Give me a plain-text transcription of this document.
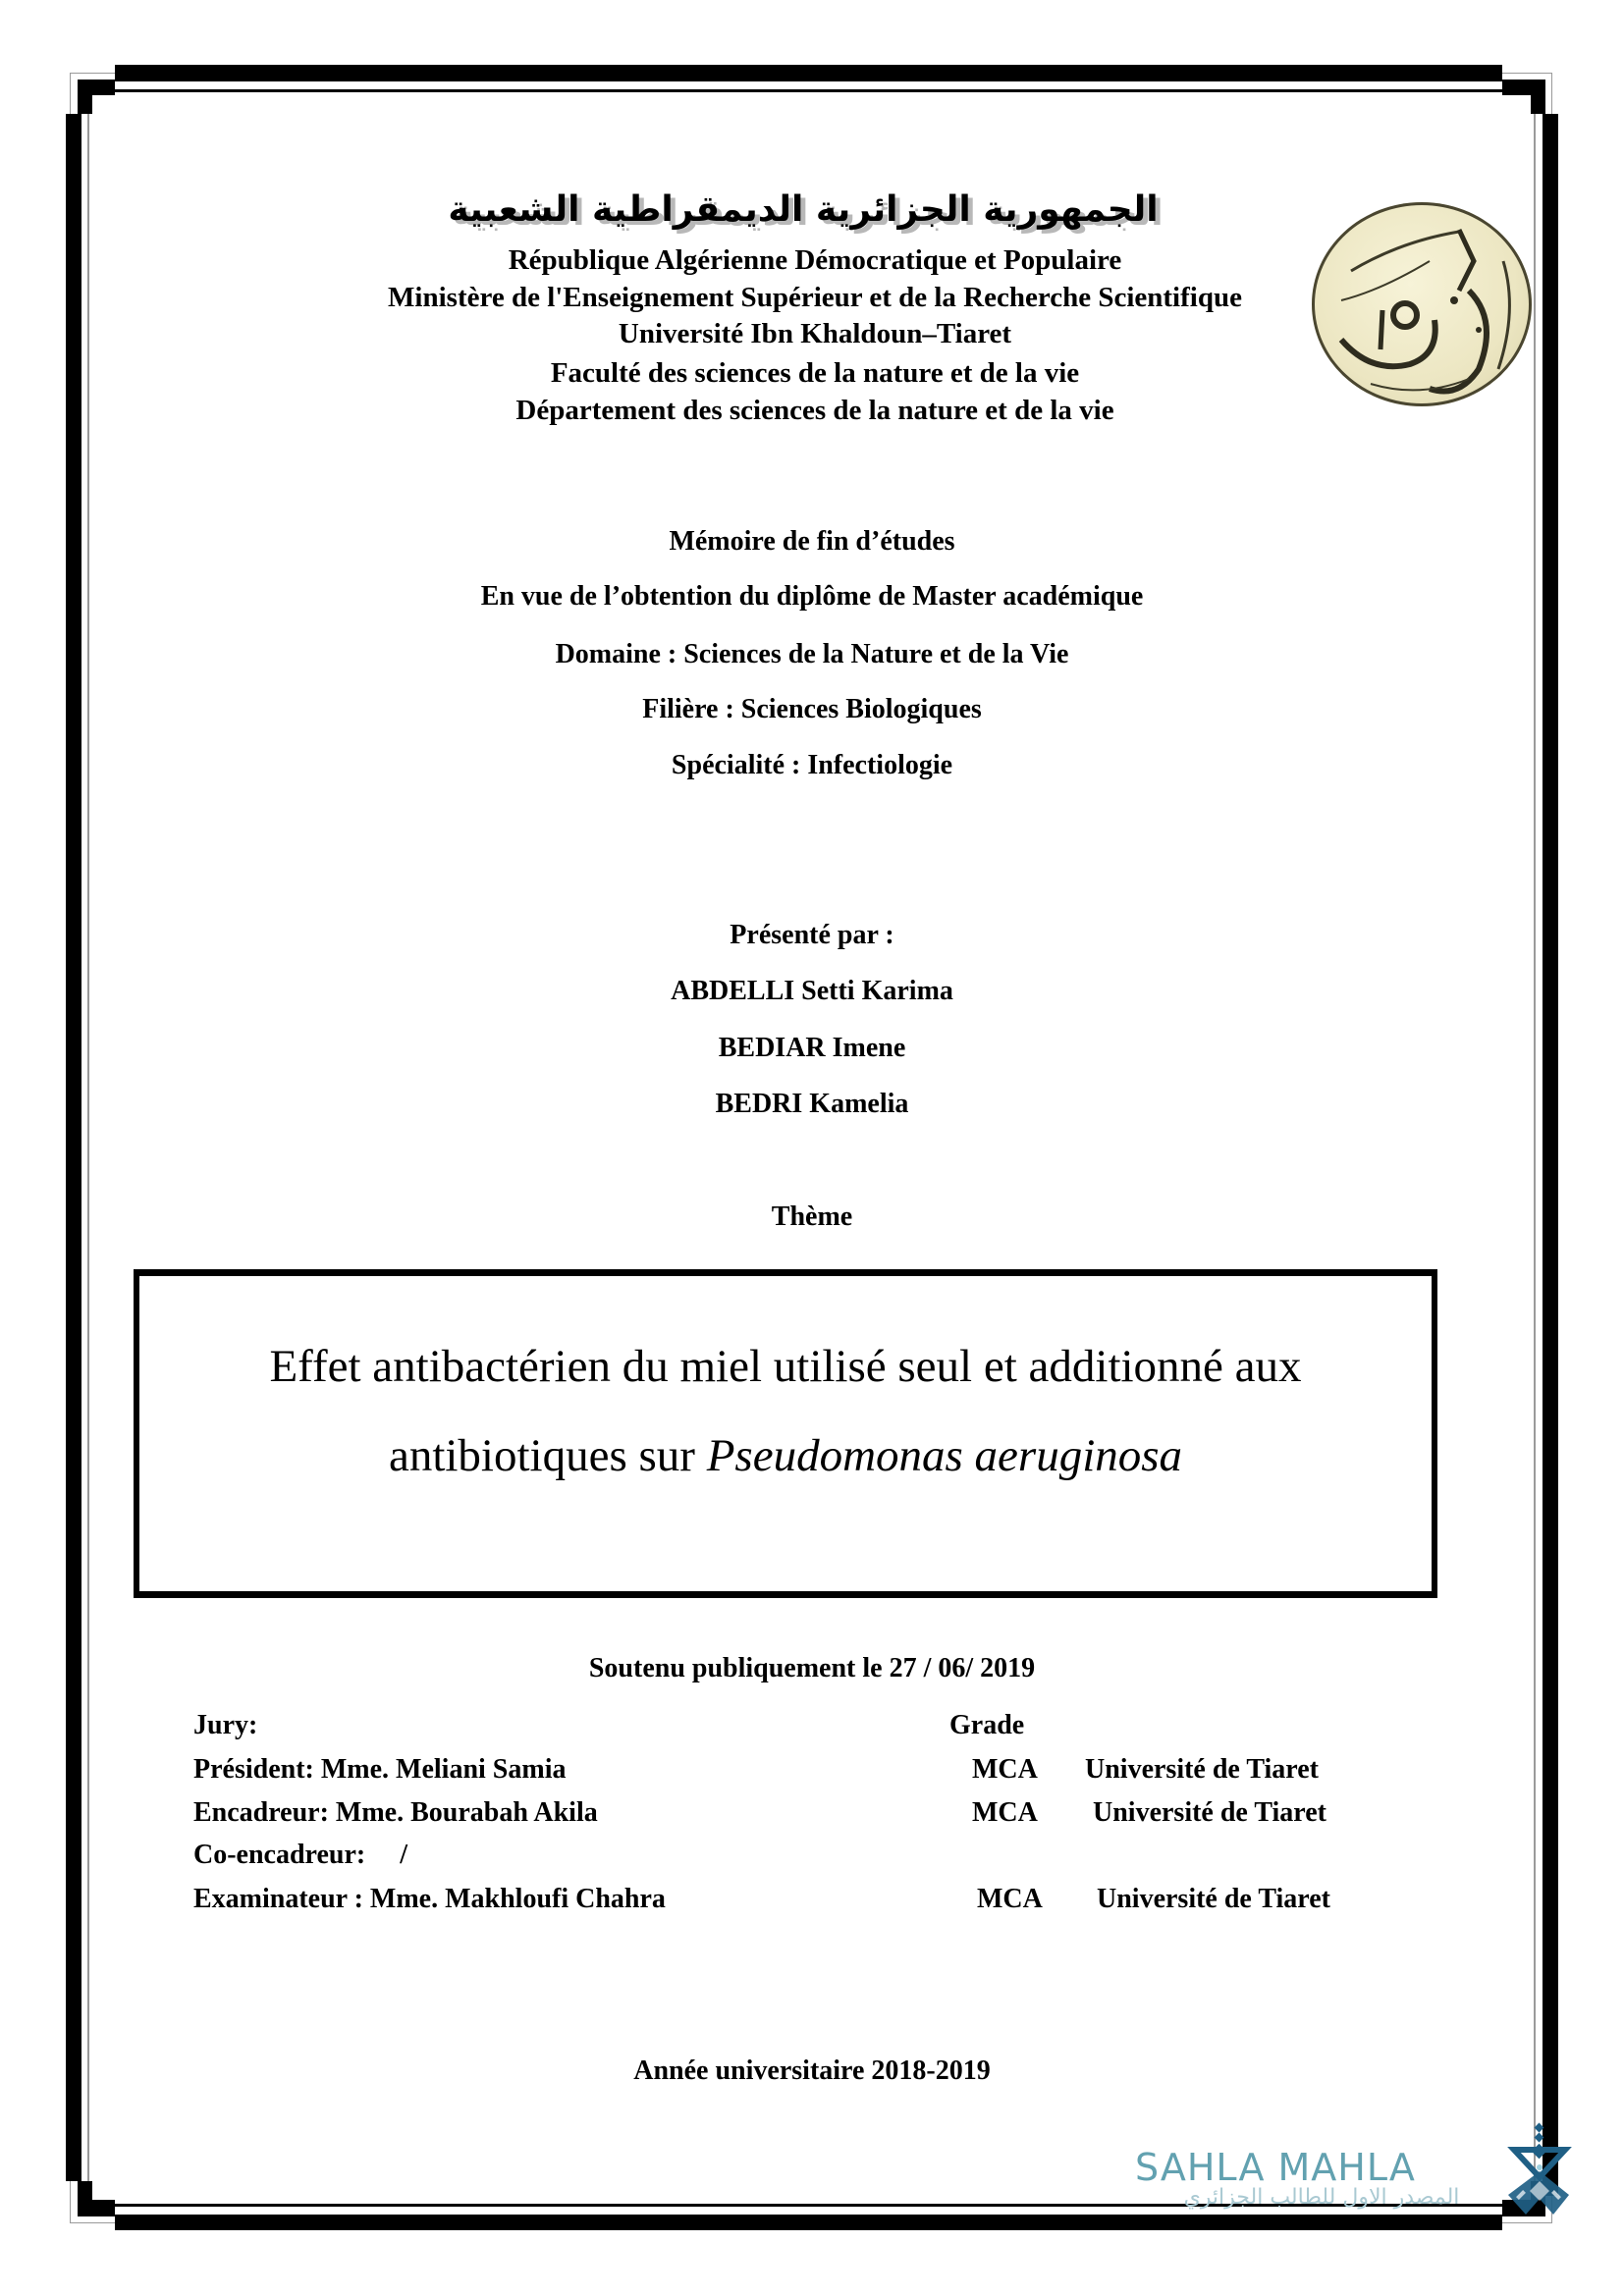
الجمهورية الجزائرية الديمقراطية الشعبية
République Algérienne Démocratique et Populaire
Ministère de l'Enseignement Supérieur et de la Recherche Scientifique
Université Ibn Khaldoun–Tiaret
Faculté des sciences de la nature et de la vie
Département des sciences de la nature et de la vie
Mémoire de fin d’études
En vue de l’obtention du diplôme de Master académique
Domaine : Sciences de la Nature et de la Vie
Filière : Sciences Biologiques
Spécialité : Infectiologie
Présenté par :
ABDELLI Setti Karima
BEDIAR Imene
BEDRI Kamelia
Thème
Effet antibactérien du miel utilisé seul et additionné aux
antibiotiques sur Pseudomonas aeruginosa
Soutenu publiquement le 27 / 06/ 2019
Jury:	Grade
Président: Mme. Meliani Samia	MCA Université de Tiaret
Encadreur: Mme. Bourabah Akila	MCA Université de Tiaret
Co-encadreur:     /
Examinateur : Mme. Makhloufi Chahra	MCA Université de Tiaret
Année universitaire 2018-2019
SAHLA MAHLA
المصدر الاول للطالب الجزائري
